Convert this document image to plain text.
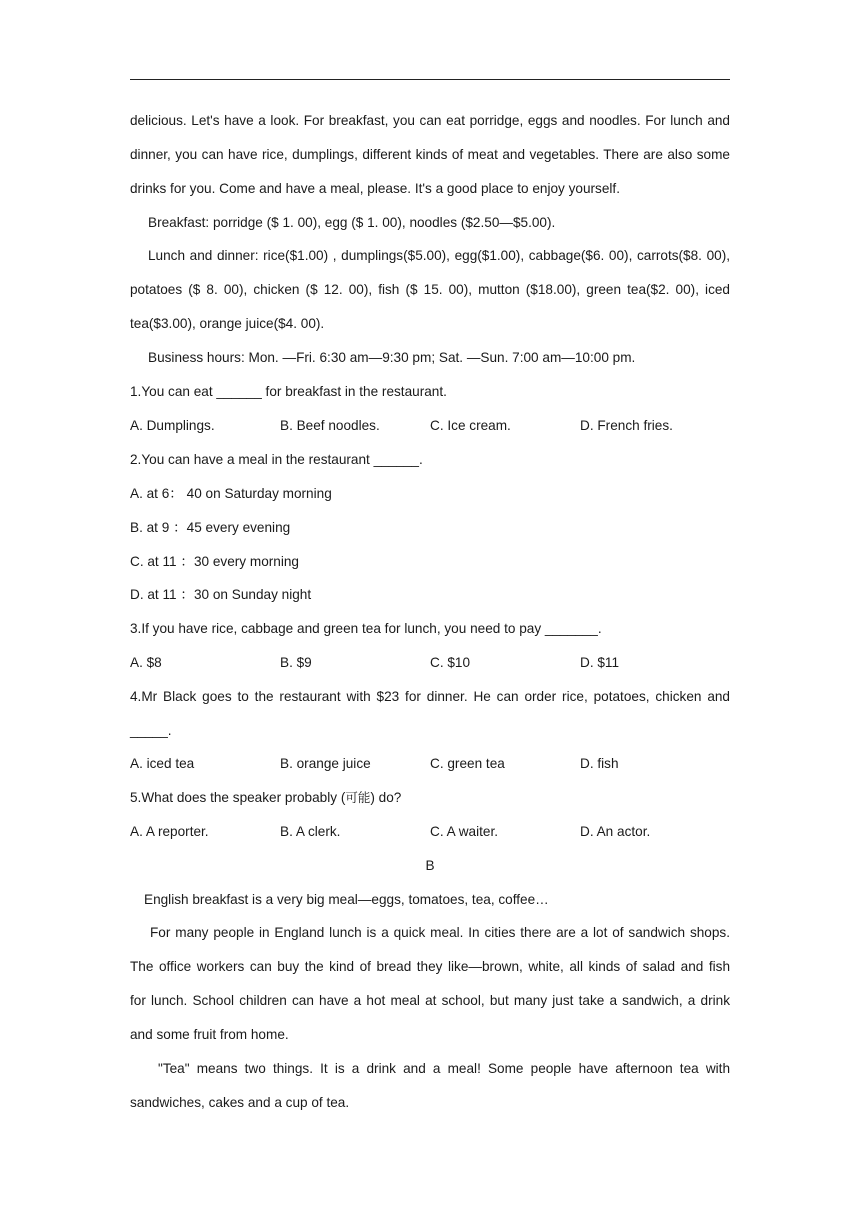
delicious. Let's have a look. For breakfast, you can eat porridge, eggs and noodles. For lunch and
dinner, you can have rice, dumplings, different kinds of meat and vegetables. There are also some
drinks for you. Come and have a meal, please. It's a good place to enjoy yourself.
Breakfast: porridge ($ 1. 00), egg ($ 1. 00), noodles ($2.50—$5.00).
Lunch and dinner: rice($1.00) , dumplings($5.00), egg($1.00), cabbage($6. 00), carrots($8. 00),
potatoes ($ 8. 00), chicken ($ 12. 00), fish ($ 15. 00), mutton ($18.00), green tea($2. 00), iced
tea($3.00), orange juice($4. 00).
Business hours: Mon. —Fri. 6:30 am—9:30 pm; Sat. —Sun. 7:00 am—10:00 pm.
1.You can eat ______ for breakfast in the restaurant.
A. Dumplings.	B. Beef noodles.	C. Ice cream.	D. French fries.
2.You can have a meal in the restaurant ______.
A. at 6： 40 on Saturday morning
B. at 9 ：45 every evening
C. at 11 ：30 every morning
D. at 11 ：30 on Sunday night
3.If you have rice, cabbage and green tea for lunch, you need to pay _______.
A. $8	B. $9	C. $10	D. $11
4.Mr Black goes to the restaurant with $23 for dinner. He can order rice, potatoes, chicken and
_____.
A. iced tea	B. orange juice	C. green tea	D. fish
5.What does the speaker probably (可能) do?
A. A reporter.	B. A clerk.	C. A waiter.	D. An actor.
B
English breakfast is a very big meal—eggs, tomatoes, tea, coffee…
For many people in England lunch is a quick meal. In cities there are a lot of sandwich shops.
The office workers can buy the kind of bread they like—brown, white, all kinds of salad and fish
for lunch. School children can have a hot meal at school, but many just take a sandwich, a drink
and some fruit from home.
"Tea" means two things. It is a drink and a meal! Some people have afternoon tea with
sandwiches, cakes and a cup of tea.
